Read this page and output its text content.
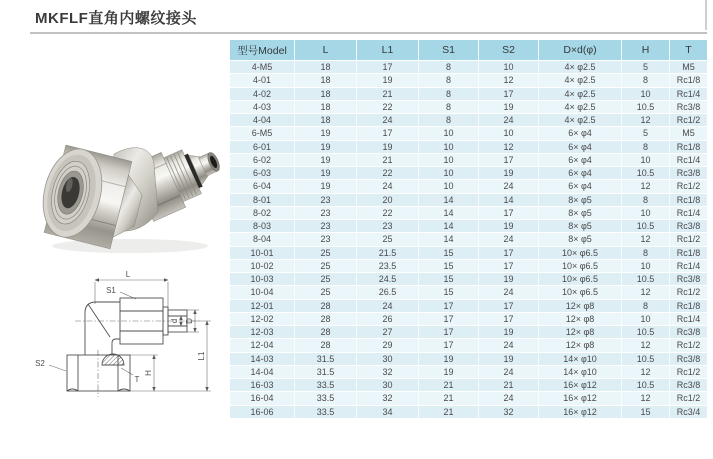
MKFLF直角内螺纹接头
L
S1
S2
T
d D
L1
H
型号Model	L	L1	S1	S2	D×d(φ)	H	T
4-M5	18	17	8	10	4× φ2.5	5	M5
4-01	18	19	8	12	4× φ2.5	8	Rc1/8
4-02	18	21	8	17	4× φ2.5	10	Rc1/4
4-03	18	22	8	19	4× φ2.5	10.5	Rc3/8
4-04	18	24	8	24	4× φ2.5	12	Rc1/2
6-M5	19	17	10	10	6× φ4	5	M5
6-01	19	19	10	12	6× φ4	8	Rc1/8
6-02	19	21	10	17	6× φ4	10	Rc1/4
6-03	19	22	10	19	6× φ4	10.5	Rc3/8
6-04	19	24	10	24	6× φ4	12	Rc1/2
8-01	23	20	14	14	8× φ5	8	Rc1/8
8-02	23	22	14	17	8× φ5	10	Rc1/4
8-03	23	23	14	19	8× φ5	10.5	Rc3/8
8-04	23	25	14	24	8× φ5	12	Rc1/2
10-01	25	21.5	15	17	10× φ6.5	8	Rc1/8
10-02	25	23.5	15	17	10× φ6.5	10	Rc1/4
10-03	25	24.5	15	19	10× φ6.5	10.5	Rc3/8
10-04	25	26.5	15	24	10× φ6.5	12	Rc1/2
12-01	28	24	17	17	12× φ8	8	Rc1/8
12-02	28	26	17	17	12× φ8	10	Rc1/4
12-03	28	27	17	19	12× φ8	10.5	Rc3/8
12-04	28	29	17	24	12× φ8	12	Rc1/2
14-03	31.5	30	19	19	14× φ10	10.5	Rc3/8
14-04	31.5	32	19	24	14× φ10	12	Rc1/2
16-03	33.5	30	21	21	16× φ12	10.5	Rc3/8
16-04	33.5	32	21	24	16× φ12	12	Rc1/2
16-06	33.5	34	21	32	16× φ12	15	Rc3/4
